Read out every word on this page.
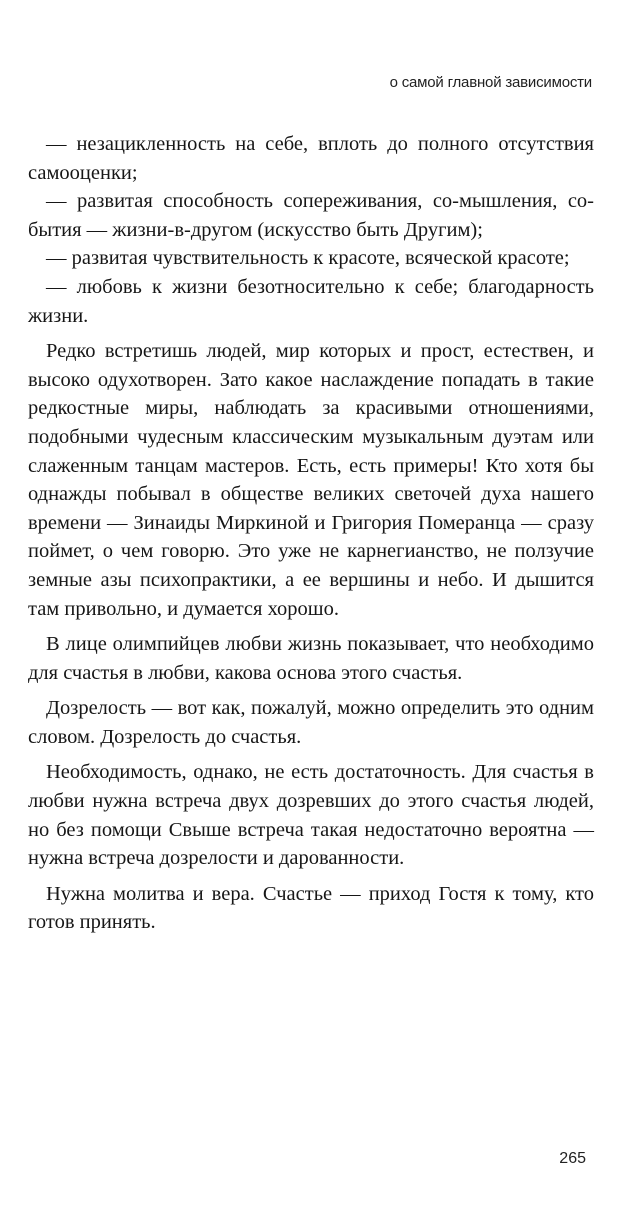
о самой главной зависимости

— незацикленность на себе, вплоть до полного отсутствия самооценки;

— развитая способность сопереживания, со-мышления, со-бытия — жизни-в-другом (искусство быть Другим);

— развитая чувствительность к красоте, всяческой красоте;

— любовь к жизни безотносительно к себе; благодарность жизни.

Редко встретишь людей, мир которых и прост, естествен, и высоко одухотворен. Зато какое наслаждение попадать в такие редкостные миры, наблюдать за красивыми отношениями, подобными чудесным классическим музыкальным дуэтам или слаженным танцам мастеров. Есть, есть примеры! Кто хотя бы однажды побывал в обществе великих светочей духа нашего времени — Зинаиды Миркиной и Григория Померанца — сразу поймет, о чем говорю. Это уже не карнегианство, не ползучие земные азы психопрактики, а ее вершины и небо. И дышится там привольно, и думается хорошо.

В лице олимпийцев любви жизнь показывает, что необходимо для счастья в любви, какова основа этого счастья.

Дозрелость — вот как, пожалуй, можно определить это одним словом. Дозрелость до счастья.

Необходимость, однако, не есть достаточность. Для счастья в любви нужна встреча двух дозревших до этого счастья людей, но без помощи Свыше встреча такая недостаточно вероятна — нужна встреча дозрелости и дарованности.

Нужна молитва и вера. Счастье — приход Гостя к тому, кто готов принять.

265
